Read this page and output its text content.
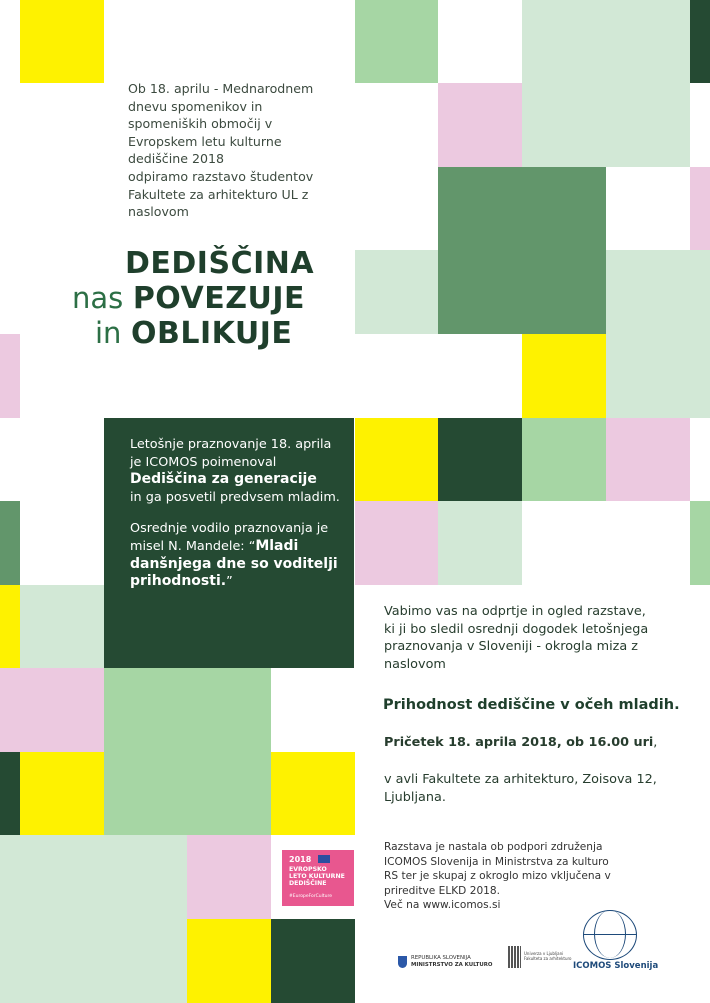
Ob 18. aprilu - Mednarodnem
dnevu spomenikov in
spomeniških območij v
Evropskem letu kulturne
dediščine 2018
odpiramo razstavo študentov
Fakultete za arhitekturo UL z
naslovom
DEDIŠČINA
nas POVEZUJE
in OBLIKUJE
Letošnje praznovanje 18. aprila
je ICOMOS poimenoval
Dediščina za generacije
in ga posvetil predvsem mladim.
Osrednje vodilo praznovanja je
misel N. Mandele: “Mladi
danšnjega dne so voditelji
prihodnosti.”
Vabimo vas na odprtje in ogled razstave,
ki ji bo sledil osrednji dogodek letošnjega
praznovanja v Sloveniji - okrogla miza z
naslovom
Prihodnost dediščine v očeh mladih.
Pričetek 18. aprila 2018, ob 16.00 uri,
v avli Fakultete za arhitekturo, Zoisova 12,
Ljubljana.
Razstava je nastala ob podpori združenja
ICOMOS Slovenija in Ministrstva za kulturo
RS ter je skupaj z okroglo mizo vključena v
prireditve ELKD 2018.
Več na www.icomos.si
2018
EVROPSKO
LETO KULTURNE
DEDIŠČINE
#EuropeForCulture
REPUBLIKA SLOVENIJA
MINISTRSTVO ZA KULTURO
Univerza v Ljubljani
Fakulteta za arhitekturo
ICOMOS Slovenija
